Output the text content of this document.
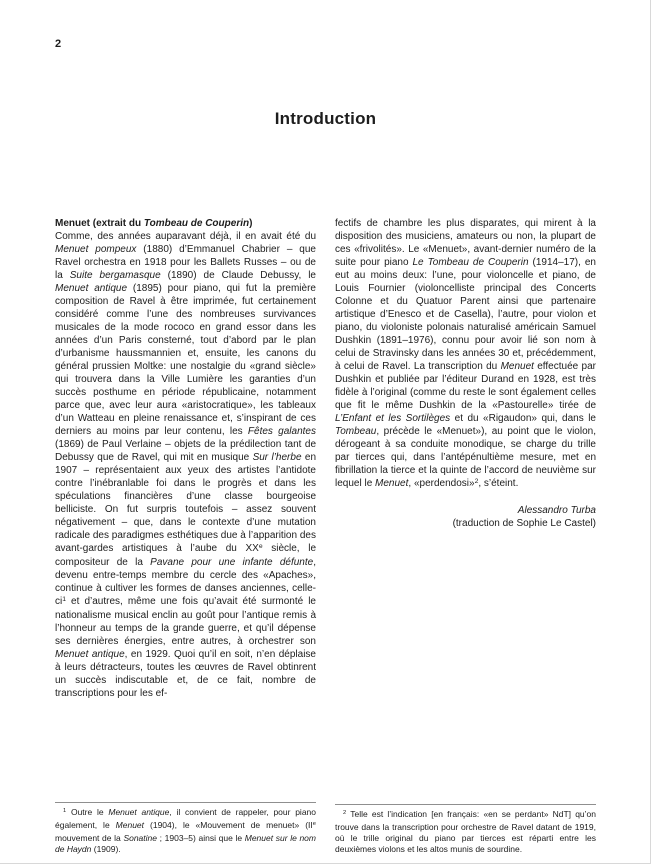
2
Introduction

Menuet (extrait du Tombeau de Couperin)

Comme, des années auparavant déjà, il en avait été du Menuet pompeux (1880) d’Emmanuel Chabrier – que Ravel orchestra en 1918 pour les Ballets Russes – ou de la Suite bergamasque (1890) de Claude Debussy, le Menuet antique (1895) pour piano, qui fut la première composition de Ravel à être imprimée, fut certainement considéré comme l’une des nombreuses survivances musicales de la mode rococo en grand essor dans les années d’un Paris consterné, tout d’abord par le plan d’urbanisme haussmannien et, ensuite, les canons du général prussien Moltke: une nostalgie du «grand siècle» qui trouvera dans la Ville Lumière les garanties d’un succès posthume en période républicaine, notamment parce que, avec leur aura «aristocratique», les tableaux d’un Watteau en pleine renaissance et, s’inspirant de ces derniers au moins par leur contenu, les Fêtes galantes (1869) de Paul Verlaine – objets de la prédilection tant de Debussy que de Ravel, qui mit en musique Sur l’herbe en 1907 – représentaient aux yeux des artistes l’antidote contre l’inébranlable foi dans le progrès et dans les spéculations financières d’une classe bourgeoise belliciste. On fut surpris toutefois – assez souvent négativement – que, dans le contexte d’une mutation radicale des paradigmes esthétiques due à l’apparition des avant-gardes artistiques à l’aube du XXe siècle, le compositeur de la Pavane pour une infante défunte, devenu entre-temps membre du cercle des «Apaches», continue à cultiver les formes de danses anciennes, celle-$ci^1$ et d’autres, même une fois qu’avait été surmonté le nationalisme musical enclin au goût pour l’antique remis à l’honneur au temps de la grande guerre, et qu’il dépense ses dernières énergies, entre autres, à orchestrer son Menuet antique, en 1929. Quoi qu’il en soit, n’en déplaise à leurs détracteurs, toutes les œuvres de Ravel obtinrent un succès indiscutable et, de ce fait, nombre de transcriptions pour les ef-

$^1$ Outre le Menuet antique, il convient de rappeler, pour piano également, le Menuet (1904), le «Mouvement de menuet» (IIe mouvement de la Sonatine ; 1903–5) ainsi que le Menuet sur le nom de Haydn (1909).

fectifs de chambre les plus disparates, qui mirent à la disposition des musiciens, amateurs ou non, la plupart de ces «frivolités». Le «Menuet», avant-dernier numéro de la suite pour piano Le Tombeau de Couperin (1914–17), en eut au moins deux: l’une, pour violoncelle et piano, de Louis Fournier (violoncelliste principal des Concerts Colonne et du Quatuor Parent ainsi que partenaire artistique d’Enesco et de Casella), l’autre, pour violon et piano, du violoniste polonais naturalisé américain Samuel Dushkin (1891–1976), connu pour avoir lié son nom à celui de Stravinsky dans les années 30 et, précédemment, à celui de Ravel. La transcription du Menuet effectuée par Dushkin et publiée par l’éditeur Durand en 1928, est très fidèle à l’original (comme du reste le sont également celles que fit le même Dushkin de la «Pastourelle» tirée de L’Enfant et les Sortilèges et du «Rigaudon» qui, dans le Tombeau, précède le «Menuet»), au point que le violon, dérogeant à sa conduite monodique, se charge du trille par tierces qui, dans l’antépénultième mesure, met en fibrillation la tierce et la quinte de l’accord de neuvième sur lequel le Menuet, «perdendosi»$^2$, s’éteint.

Alessandro Turba

(traduction de Sophie Le Castel)

$^2$ Telle est l’indication [en français: «en se perdant» NdT] qu’on trouve dans la transcription pour orchestre de Ravel datant de 1919, où le trille original du piano par tierces est réparti entre les deuxièmes violons et les altos munis de sourdine.
